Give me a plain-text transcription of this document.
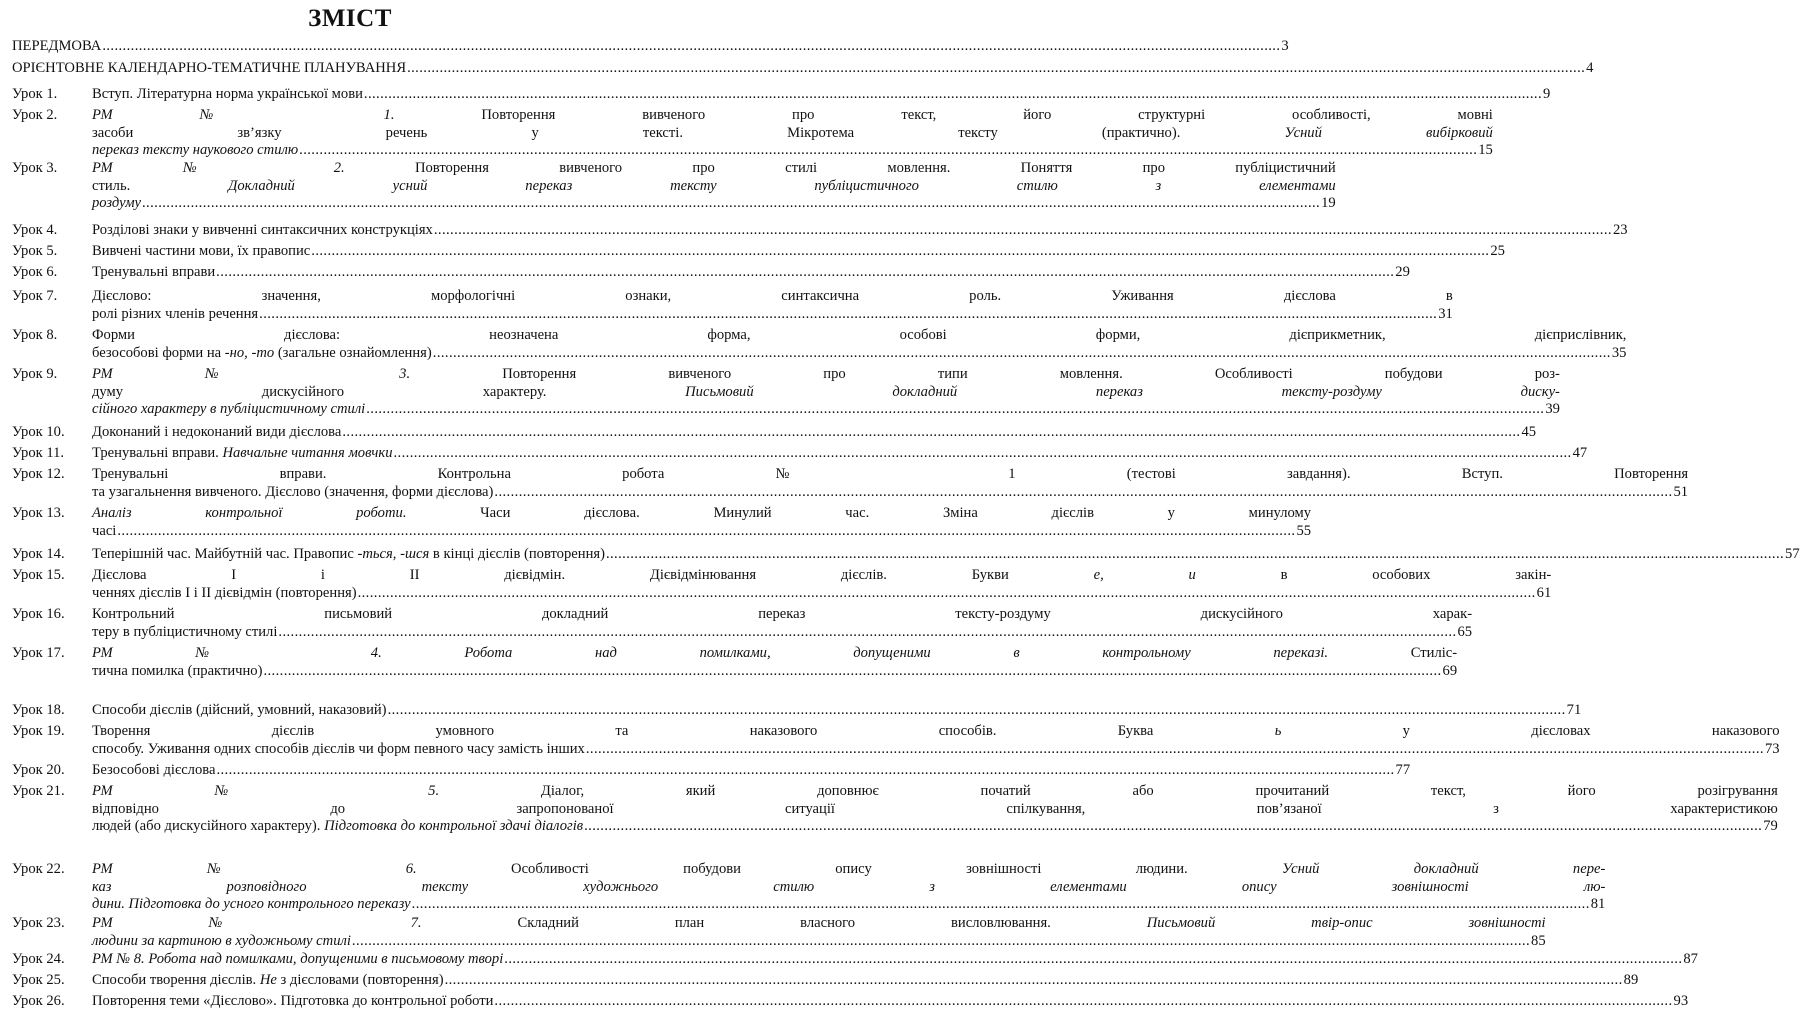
ЗМІСТ
ПЕРЕДМОВА .....	3
ОРІЄНТОВНЕ КАЛЕНДАРНО-ТЕМАТИЧНЕ ПЛАНУВАННЯ .....	4
Урок 1.	Вступ. Літературна норма української мови .....	9
Урок 2.	РМ № 1. Повторення вивченого про текст, його структурні особливості, мовні
засоби зв’язку речень у тексті. Мікротема тексту (практично). Усний вибірковий
переказ тексту наукового стилю .....	15
Урок 3.	РМ № 2. Повторення вивченого про стилі мовлення. Поняття про публіцистичний
стиль. Докладний усний переказ тексту публіцистичного стилю з елементами
роздуму .....	19
Урок 4.	Розділові знаки у вивченні синтаксичних конструкціях .....	23
Урок 5.	Вивчені частини мови, їх правопис .....	25
Урок 6.	Тренувальні вправи .....	29
Урок 7.	Дієслово: значення, морфологічні ознаки, синтаксична роль. Уживання дієслова в
ролі різних членів речення .....	31
Урок 8.	Форми дієслова: неозначена форма, особові форми, дієприкметник, дієприслівник,
безособові форми на -но, -то (загальне ознайомлення) .....	35
Урок 9.	РМ № 3. Повторення вивченого про типи мовлення. Особливості побудови роз-
думу дискусійного характеру. Письмовий докладний переказ тексту-роздуму диску-
сійного характеру в публіцистичному стилі .....	39
Урок 10.	Доконаний і недоконаний види дієслова .....	45
Урок 11.	Тренувальні вправи. Навчальне читання мовчки .....	47
Урок 12.	Тренувальні вправи. Контрольна робота № 1 (тестові завдання). Вступ. Повторення
та узагальнення вивченого. Дієслово (значення, форми дієслова) .....	51
Урок 13.	Аналіз контрольної роботи. Часи дієслова. Минулий час. Зміна дієслів у минулому
часі .....	55
Урок 14.	Теперішній час. Майбутній час. Правопис -ться, -шся в кінці дієслів (повторення) .....	57
Урок 15.	Дієслова I і II дієвідмін. Дієвідмінювання дієслів. Букви е, и в особових закін-
ченнях дієслів I і II дієвідмін (повторення) .....	61
Урок 16.	Контрольний письмовий докладний переказ тексту-роздуму дискусійного харак-
теру в публіцистичному стилі .....	65
Урок 17.	РМ № 4. Робота над помилками, допущеними в контрольному переказі. Стиліс-
тична помилка (практично) .....	69
Урок 18.	Способи дієслів (дійсний, умовний, наказовий) .....	71
Урок 19.	Творення дієслів умовного та наказового способів. Буква ь у дієсловах наказового
способу. Уживання одних способів дієслів чи форм певного часу замість інших .....	73
Урок 20.	Безособові дієслова .....	77
Урок 21.	РМ № 5. Діалог, який доповнює початий або прочитаний текст, його розігрування
відповідно до запропонованої ситуації спілкування, пов’язаної з характеристикою
людей (або дискусійного характеру). Підготовка до контрольної здачі діалогів .....	79
Урок 22.	РМ № 6. Особливості побудови опису зовнішності людини. Усний докладний пере-
каз розповідного тексту художнього стилю з елементами опису зовнішності лю-
дини. Підготовка до усного контрольного переказу .....	81
Урок 23.	РМ № 7. Складний план власного висловлювання. Письмовий твір-опис зовнішності
людини за картиною в художньому стилі .....	85
Урок 24.	РМ № 8. Робота над помилками, допущеними в письмовому творі .....	87
Урок 25.	Способи творення дієслів. Не з дієсловами (повторення) .....	89
Урок 26.	Повторення теми «Дієслово». Підготовка до контрольної роботи .....	93
